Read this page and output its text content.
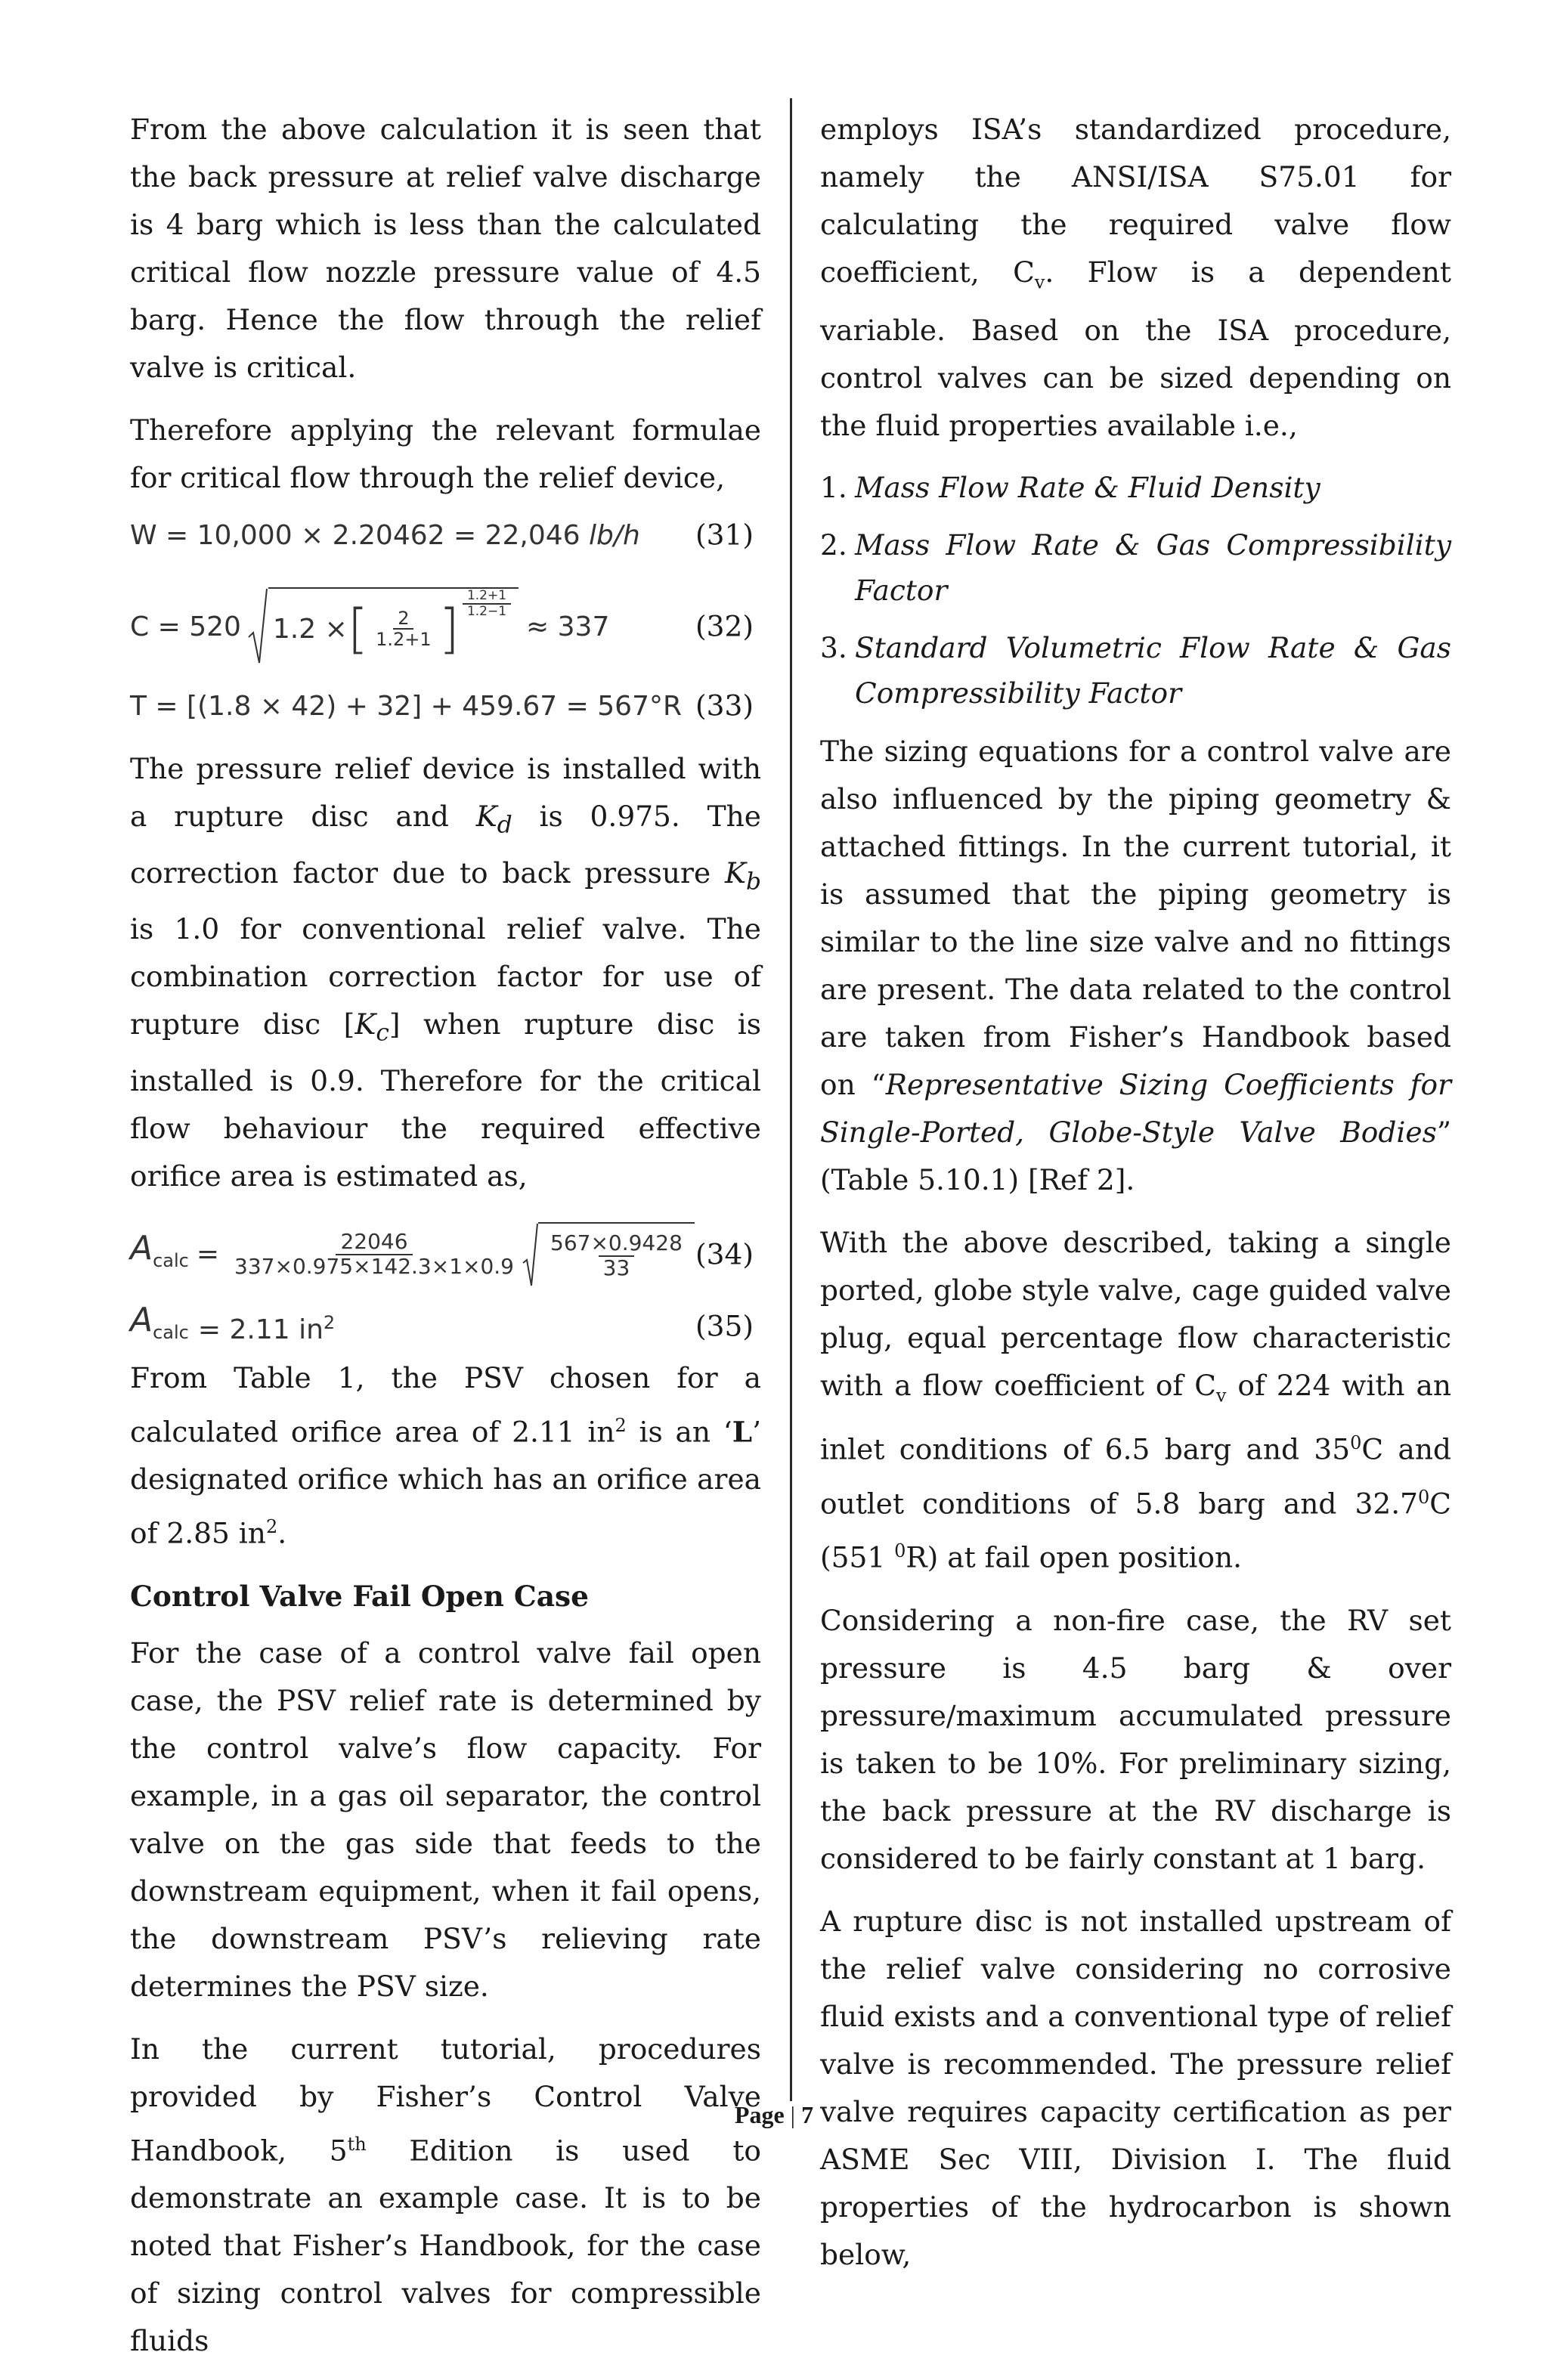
From the above calculation it is seen that the back pressure at relief valve discharge is 4 barg which is less than the calculated critical flow nozzle pressure value of 4.5 barg. Hence the flow through the relief valve is critical.

Therefore applying the relevant formulae for critical flow through the relief device,

W = 10,000 × 2.20462 = 22,046
lb/h (31)
C = 520 1.2 × [ $\frac{2}{1.2+1}$ ] $\frac{1.2+1}{1.2-1}$
≈ 337	(32)
T = [(1.8 × 42) + 32] + 459.67 = 567°R (33)

The pressure relief device is installed with a rupture disc and $K_d$ is 0.975. The correction factor due to back pressure $K_b$ is 1.0 for conventional relief valve. The combination correction factor for use of rupture disc $[K_c]$ when rupture disc is installed is 0.9. Therefore for the critical flow behaviour the required effective orifice area is estimated as,

$A_{calc} = \frac{22046}{337\times 0.975\times 142.3\times 1\times 0.9} \frac{567\times 0.9428}{33} (34)$
$A_{calc} = 2.11$ $in^2$	(35)

From Table 1, the PSV chosen for a calculated orifice area of 2.11 $in^2$ is an ‘L’ designated orifice which has an orifice area of 2.85 $in^2$.

Control Valve Fail Open Case

For the case of a control valve fail open case, the PSV relief rate is determined by the control valve’s flow capacity. For example, in a gas oil separator, the control valve on the gas side that feeds to the downstream equipment, when it fail opens, the downstream PSV’s relieving rate determines the PSV size.

In the current tutorial, procedures provided by Fisher’s Control Valve Handbook, 5th Edition is used to demonstrate an example case. It is to be noted that Fisher’s Handbook, for the case of sizing control valves for compressible fluids

employs ISA’s standardized procedure, namely the ANSI/ISA S75.01 for calculating the required valve flow coefficient, $C_v$. Flow is a dependent variable. Based on the ISA procedure, control valves can be sized depending on the fluid properties available i.e.,

1. Mass Flow Rate & Fluid Density
2. Mass Flow Rate & Gas Compressibility Factor
3. Standard Volumetric Flow Rate & Gas Compressibility Factor

The sizing equations for a control valve are also influenced by the piping geometry & attached fittings. In the current tutorial, it is assumed that the piping geometry is similar to the line size valve and no fittings are present. The data related to the control are taken from Fisher’s Handbook based on “Representative Sizing Coefficients for Single-Ported, Globe-Style Valve Bodies” (Table 5.10.1) [Ref 2].

With the above described, taking a single ported, globe style valve, cage guided valve plug, equal percentage flow characteristic with a flow coefficient of $C_v$ of 224 with an inlet conditions of 6.5 barg and $35^0C$ and outlet conditions of 5.8 barg and 32.7$^0$C (551 $^0$R) at fail open position.

Considering a non-fire case, the RV set pressure is 4.5 barg & over pressure/maximum accumulated pressure is taken to be 10%. For preliminary sizing, the back pressure at the RV discharge is considered to be fairly constant at 1 barg.

A rupture disc is not installed upstream of the relief valve considering no corrosive fluid exists and a conventional type of relief valve is recommended. The pressure relief valve requires capacity certification as per ASME Sec VIII, Division I. The fluid properties of the hydrocarbon is shown below,

Page | 7
